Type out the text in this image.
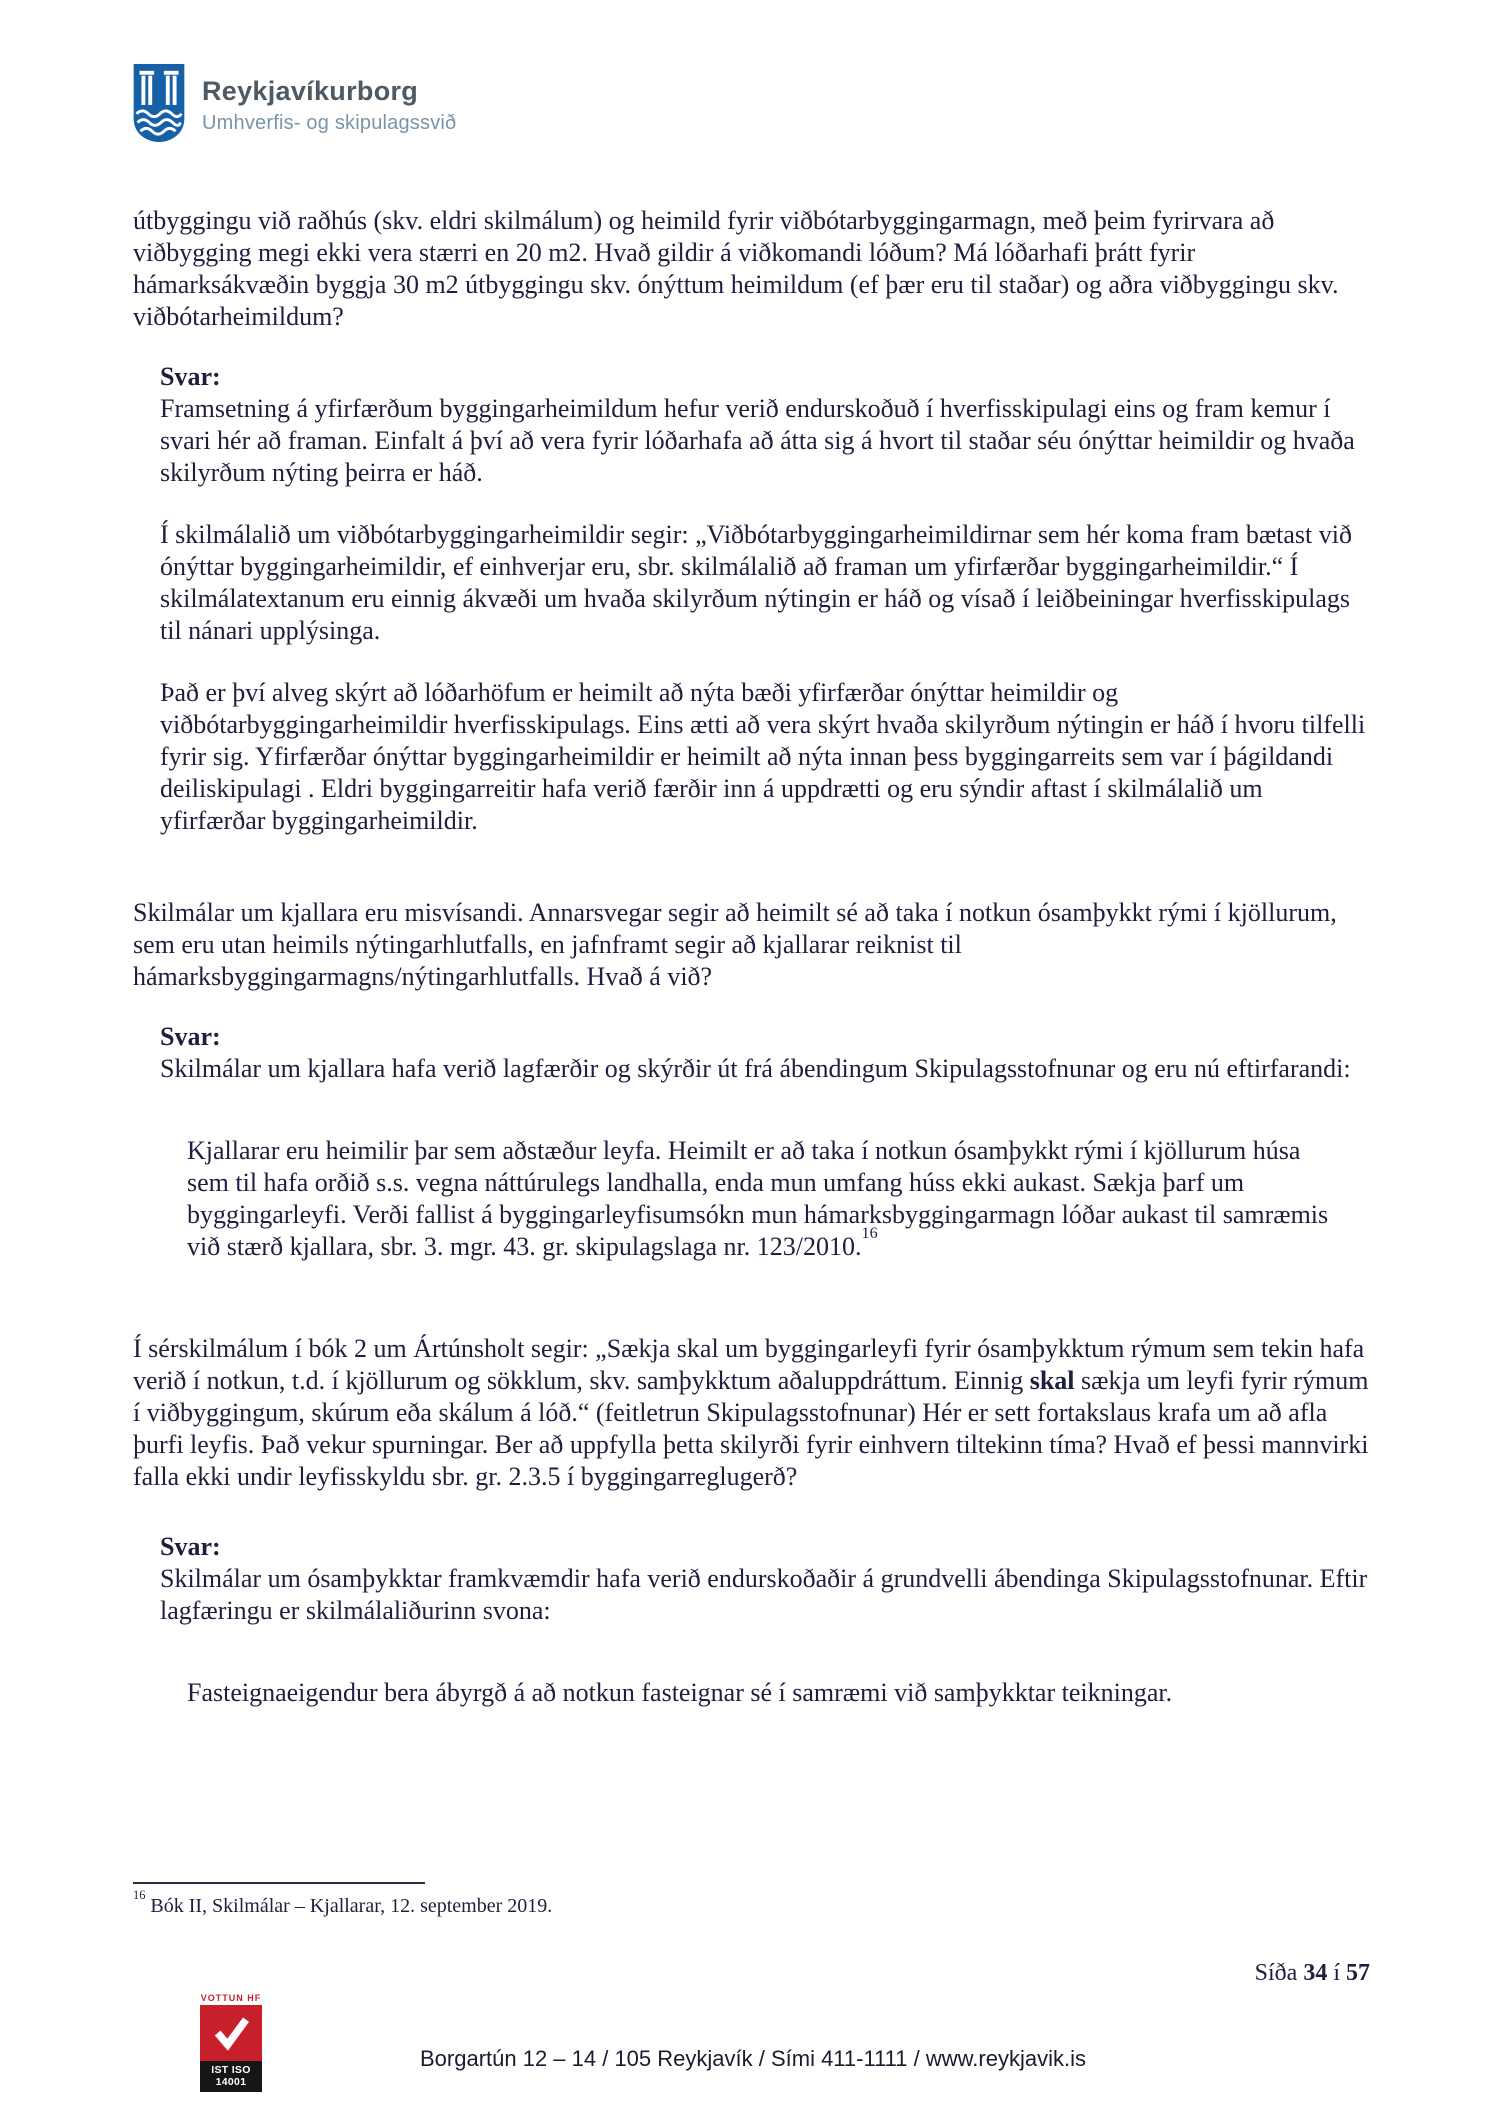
Reykjavíkurborg
Umhverfis- og skipulagssvið

útbyggingu við raðhús (skv. eldri skilmálum) og heimild fyrir viðbótarbyggingarmagn, með þeim fyrirvara að viðbygging megi ekki vera stærri en 20 m2. Hvað gildir á viðkomandi lóðum? Má lóðarhafi þrátt fyrir hámarksákvæðin byggja 30 m2 útbyggingu skv. ónýttum heimildum (ef þær eru til staðar) og aðra viðbyggingu skv. viðbótarheimildum?

Svar:

Framsetning á yfirfærðum byggingarheimildum hefur verið endurskoðuð í hverfisskipulagi eins og fram kemur í svari hér að framan. Einfalt á því að vera fyrir lóðarhafa að átta sig á hvort til staðar séu ónýttar heimildir og hvaða skilyrðum nýting þeirra er háð.

Í skilmálalið um viðbótarbyggingarheimildir segir: „Viðbótarbyggingarheimildirnar sem hér koma fram bætast við ónýttar byggingarheimildir, ef einhverjar eru, sbr. skilmálalið að framan um yfirfærðar byggingarheimildir.“ Í skilmálatextanum eru einnig ákvæði um hvaða skilyrðum nýtingin er háð og vísað í leiðbeiningar hverfisskipulags til nánari upplýsinga.

Það er því alveg skýrt að lóðarhöfum er heimilt að nýta bæði yfirfærðar ónýttar heimildir og viðbótarbyggingarheimildir hverfisskipulags. Eins ætti að vera skýrt hvaða skilyrðum nýtingin er háð í hvoru tilfelli fyrir sig. Yfirfærðar ónýttar byggingarheimildir er heimilt að nýta innan þess byggingarreits sem var í þágildandi deiliskipulagi . Eldri byggingarreitir hafa verið færðir inn á uppdrætti og eru sýndir aftast í skilmálalið um yfirfærðar byggingarheimildir.

Skilmálar um kjallara eru misvísandi. Annarsvegar segir að heimilt sé að taka í notkun ósamþykkt rými í kjöllurum, sem eru utan heimils nýtingarhlutfalls, en jafnframt segir að kjallarar reiknist til hámarksbyggingarmagns/nýtingarhlutfalls. Hvað á við?

Svar:

Skilmálar um kjallara hafa verið lagfærðir og skýrðir út frá ábendingum Skipulagsstofnunar og eru nú eftirfarandi:

Kjallarar eru heimilir þar sem aðstæður leyfa. Heimilt er að taka í notkun ósamþykkt rými í kjöllurum húsa sem til hafa orðið s.s. vegna náttúrulegs landhalla, enda mun umfang húss ekki aukast. Sækja þarf um byggingarleyfi. Verði fallist á byggingarleyfisumsókn mun hámarksbyggingarmagn lóðar aukast til samræmis við stærð kjallara, sbr. 3. mgr. 43. gr. skipulagslaga nr. 123/2010.16

Í sérskilmálum í bók 2 um Ártúnsholt segir: „Sækja skal um byggingarleyfi fyrir ósamþykktum rýmum sem tekin hafa verið í notkun, t.d. í kjöllurum og sökklum, skv. samþykktum aðaluppdráttum. Einnig skal sækja um leyfi fyrir rýmum í viðbyggingum, skúrum eða skálum á lóð.“ (feitletrun Skipulagsstofnunar) Hér er sett fortakslaus krafa um að afla þurfi leyfis. Það vekur spurningar. Ber að uppfylla þetta skilyrði fyrir einhvern tiltekinn tíma? Hvað ef þessi mannvirki falla ekki undir leyfisskyldu sbr. gr. 2.3.5 í byggingarreglugerð?

Svar:

Skilmálar um ósamþykktar framkvæmdir hafa verið endurskoðaðir á grundvelli ábendinga Skipulagsstofnunar. Eftir lagfæringu er skilmálaliðurinn svona:

Fasteignaeigendur bera ábyrgð á að notkun fasteignar sé í samræmi við samþykktar teikningar.

$^{16}$ Bók II, Skilmálar – Kjallarar, 12. september 2019.
Síða 34 í 57
VOTTUN HF
IST ISO 14001
Borgartún 12 – 14 / 105 Reykjavík / Sími 411-1111 / www.reykjavik.is
